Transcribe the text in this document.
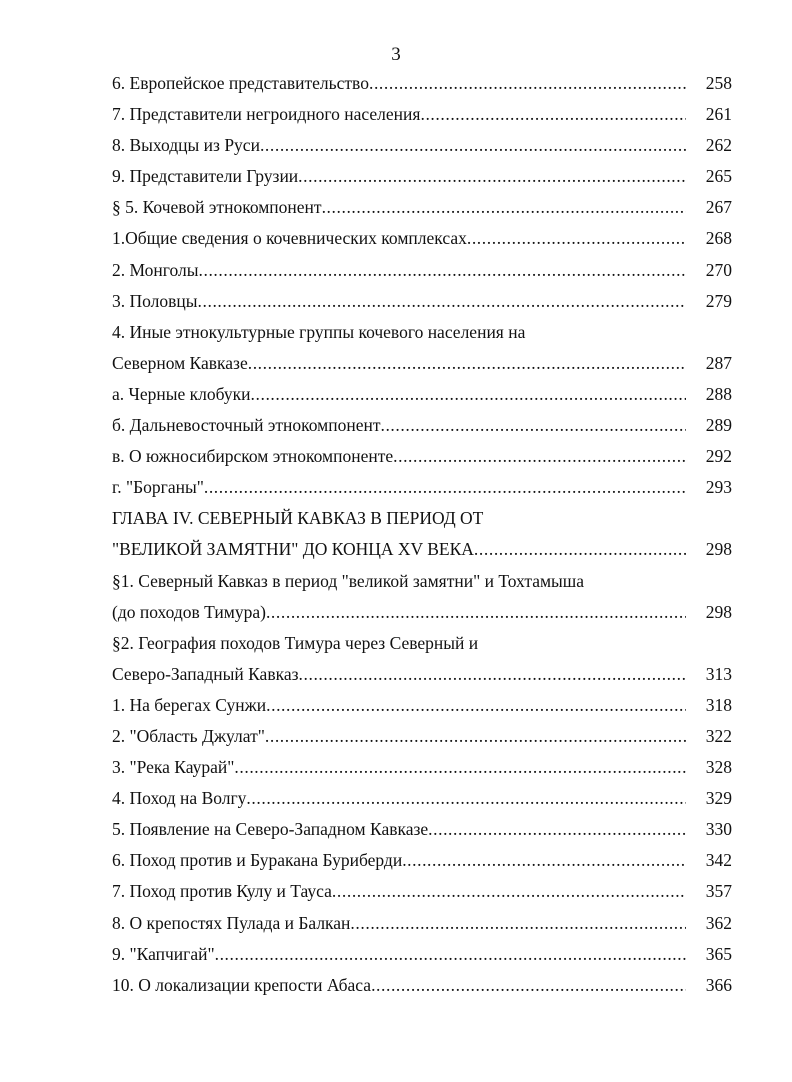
3
6. Европейское представительство .....	258
7. Представители негроидного населения .....	261
8. Выходцы из Руси .....	262
9. Представители Грузии .....	265
§ 5. Кочевой этнокомпонент .....	267
1.Общие сведения о кочевнических комплексах .....	268
2. Монголы .....	270
3. Половцы .....	279
4. Иные этнокультурные группы кочевого населения на
Северном Кавказе .....	287
а. Черные клобуки .....	288
б. Дальневосточный этнокомпонент .....	289
в. О южносибирском этнокомпоненте .....	292
г. "Борганы" .....	293
ГЛАВА IV. СЕВЕРНЫЙ КАВКАЗ В ПЕРИОД ОТ
"ВЕЛИКОЙ ЗАМЯТНИ" ДО КОНЦА XV ВЕКА .....	298
§1. Северный Кавказ в период "великой замятни" и Тохтамыша
(до походов Тимура) .....	298
§2. География походов Тимура через Северный и
Северо-Западный Кавказ .....	313
1. На берегах Сунжи .....	318
2. "Область Джулат" .....	322
3. "Река Каурай" .....	328
4. Поход на Волгу .....	329
5. Появление на Северо-Западном Кавказе .....	330
6. Поход против и Буракана Буриберди .....	342
7. Поход против Кулу и Тауса .....	357
8. О крепостях Пулада и Балкан .....	362
9. "Капчигай" .....	365
10. О локализации крепости Абаса .....	366
